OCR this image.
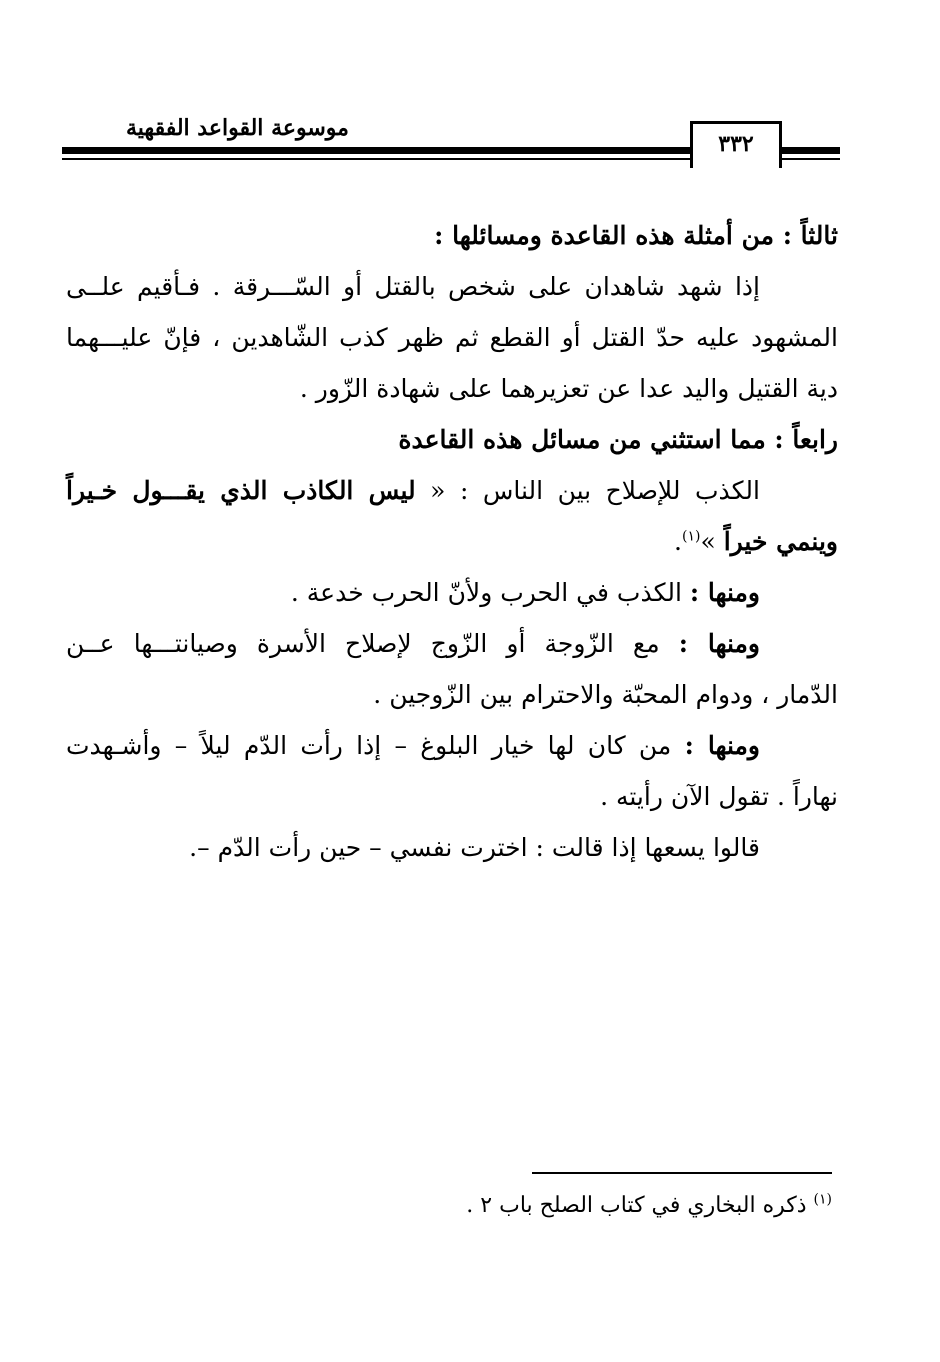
موسوعة القواعد الفقهية
٣٣٢

ثالثاً : من أمثلة هذه القاعدة ومسائلها :

إذا شهد شاهدان على شخص بالقتل أو السّـــرقة . فـأقيم علــى

المشهود عليه حدّ القتل أو القطع ثم ظهر كذب الشّاهدين ، فإنّ عليـــهما

دية القتيل واليد عدا عن تعزيرهما على شهادة الزّور .

رابعاً : مما استثني من مسائل هذه القاعدة

الكذب للإصلاح بين الناس : « ليس الكاذب الذي يقـــول خـيراً

وينمي خيراً »$^{(١)}$.

ومنها : الكذب في الحرب ولأنّ الحرب خدعة .

ومنها : مع الزّوجة أو الزّوج لإصلاح الأسرة وصيانتـــها عــن

الدّمار ، ودوام المحبّة والاحترام بين الزّوجين .

ومنها : من كان لها خيار البلوغ – إذا رأت الدّم ليلاً – وأشـهدت

نهاراً . تقول الآن رأيته .

قالوا يسعها إذا قالت : اخترت نفسي – حين رأت الدّم –.

$^{(١)}$ ذكره البخاري في كتاب الصلح باب ٢ .
